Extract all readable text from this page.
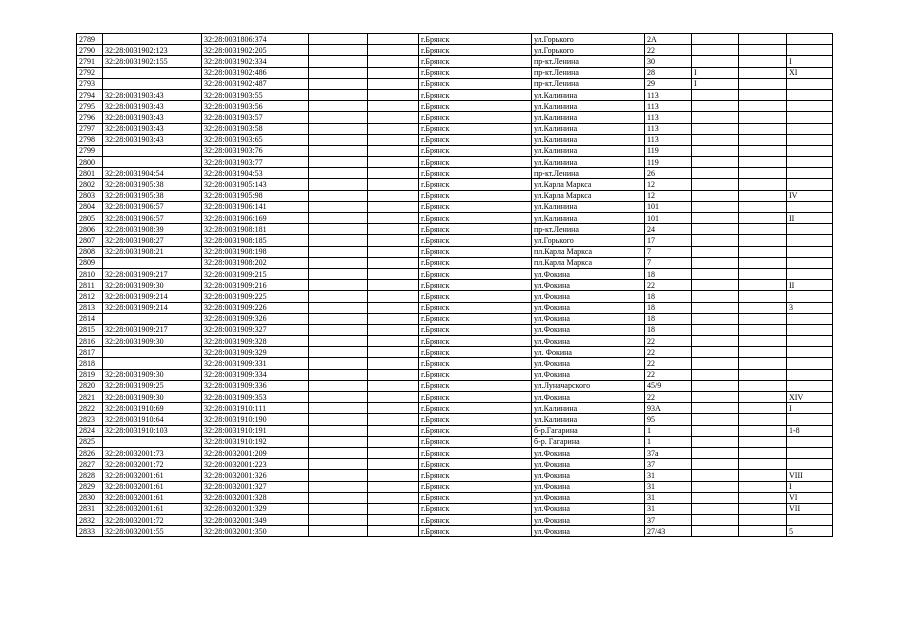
2789		32:28:0031806:374			г.Брянск	ул.Горького	2А			
2790	32:28:0031902:123	32:28:0031902:205			г.Брянск	ул.Горького	22			
2791	32:28:0031902:155	32:28:0031902:334			г.Брянск	пр-кт.Ленина	30			I
2792		32:28:0031902:486			г.Брянск	пр-кт.Ленина	28	I		XI
2793		32:28:0031902:487			г.Брянск	пр-кт.Ленина	29	I		
2794	32:28:0031903:43	32:28:0031903:55			г.Брянск	ул.Калинина	113			
2795	32:28:0031903:43	32:28:0031903:56			г.Брянск	ул.Калинина	113			
2796	32:28:0031903:43	32:28:0031903:57			г.Брянск	ул.Калинина	113			
2797	32:28:0031903:43	32:28:0031903:58			г.Брянск	ул.Калинина	113			
2798	32:28:0031903:43	32:28:0031903:65			г.Брянск	ул.Калинина	113			
2799		32:28:0031903:76			г.Брянск	ул.Калинина	119			
2800		32:28:0031903:77			г.Брянск	ул.Калинина	119			
2801	32:28:0031904:54	32:28:0031904:53			г.Брянск	пр-кт.Ленина	26			
2802	32:28:0031905:38	32:28:0031905:143			г.Брянск	ул.Карла Маркса	12			
2803	32:28:0031905:38	32:28:0031905:98			г.Брянск	ул.Карла Маркса	12			IV
2804	32:28:0031906:57	32:28:0031906:141			г.Брянск	ул.Калинина	101			
2805	32:28:0031906:57	32:28:0031906:169			г.Брянск	ул.Калинина	101			II
2806	32:28:0031908:39	32:28:0031908:181			г.Брянск	пр-кт.Ленина	24			
2807	32:28:0031908:27	32:28:0031908:185			г.Брянск	ул.Горького	17			
2808	32:28:0031908:21	32:28:0031908:198			г.Брянск	пл.Карла Маркса	7			
2809		32:28:0031908:202			г.Брянск	пл.Карла Маркса	7			
2810	32:28:0031909:217	32:28:0031909:215			г.Брянск	ул.Фокина	18			
2811	32:28:0031909:30	32:28:0031909:216			г.Брянск	ул.Фокина	22			II
2812	32:28:0031909:214	32:28:0031909:225			г.Брянск	ул.Фокина	18			
2813	32:28:0031909:214	32:28:0031909:226			г.Брянск	ул.Фокина	18			3
2814		32:28:0031909:326			г.Брянск	ул.Фокина	18			
2815	32:28:0031909:217	32:28:0031909:327			г.Брянск	ул.Фокина	18			
2816	32:28:0031909:30	32:28:0031909:328			г.Брянск	ул.Фокина	22			
2817		32:28:0031909:329			г.Брянск	ул. Фокина	22			
2818		32:28:0031909:331			г.Брянск	ул.Фокина	22			
2819	32:28:0031909:30	32:28:0031909:334			г.Брянск	ул.Фокина	22			
2820	32:28:0031909:25	32:28:0031909:336			г.Брянск	ул.Луначарского	45/9			
2821	32:28:0031909:30	32:28:0031909:353			г.Брянск	ул.Фокина	22			XIV
2822	32:28:0031910:69	32:28:0031910:111			г.Брянск	ул.Калинина	93А			I
2823	32:28:0031910:64	32:28:0031910:190			г.Брянск	ул.Калинина	95			
2824	32:28:0031910:103	32:28:0031910:191			г.Брянск	б-р.Гагарина	1			1-8
2825		32:28:0031910:192			г.Брянск	б-р. Гагарина	1			
2826	32:28:0032001:73	32:28:0032001:209			г.Брянск	ул.Фокина	37а			
2827	32:28:0032001:72	32:28:0032001:223			г.Брянск	ул.Фокина	37			
2828	32:28:0032001:61	32:28:0032001:326			г.Брянск	ул.Фокина	31			VIII
2829	32:28:0032001:61	32:28:0032001:327			г.Брянск	ул.Фокина	31			I
2830	32:28:0032001:61	32:28:0032001:328			г.Брянск	ул.Фокина	31			VI
2831	32:28:0032001:61	32:28:0032001:329			г.Брянск	ул.Фокина	31			VII
2832	32:28:0032001:72	32:28:0032001:349			г.Брянск	ул.Фокина	37			
2833	32:28:0032001:55	32:28:0032001:350			г.Брянск	ул.Фокина	27/43			5
